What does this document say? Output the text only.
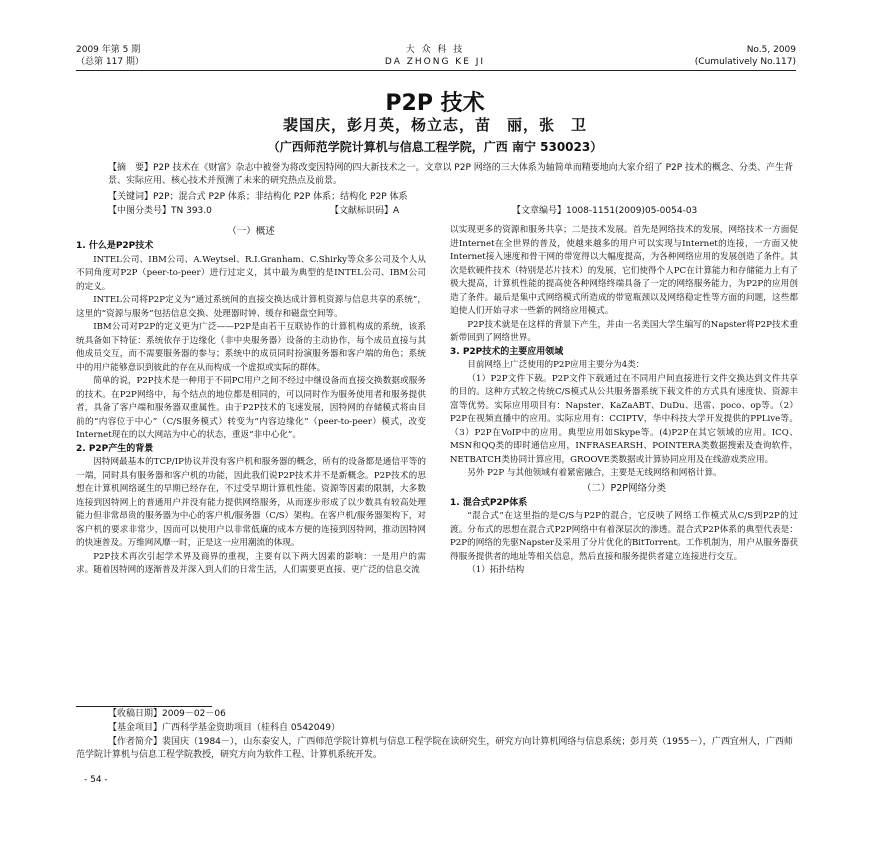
2009 年第 5 期
（总第 117 期）
大 众 科 技
DA ZHONG KE JI
No.5, 2009
(Cumulatively No.117)
P2P 技术
裴国庆，彭月英，杨立志，苗　丽，张　卫
（广西师范学院计算机与信息工程学院，广西 南宁 530023）
【摘　要】P2P 技术在《财富》杂志中被誉为将改变因特网的四大新技术之一。文章以 P2P 网络的三大体系为轴简单而精要地向大家介绍了 P2P 技术的概念、分类、产生背景、实际应用、核心技术并预测了未来的研究热点及前景。
【关键词】P2P；混合式 P2P 体系；非结构化 P2P 体系；结构化 P2P 体系
【中图分类号】TN 393.0	【文献标识码】A	【文章编号】1008-1151(2009)05-0054-03
（一）概述
1. 什么是P2P技术

INTEL公司、IBM公司、A.Weytsel、R.I.Granham、C.Shirky等众多公司及个人从不同角度对P2P（peer-to-peer）进行过定义，其中最为典型的是INTEL公司、IBM公司的定义。

INTEL公司将P2P定义为“通过系统间的直接交换达成计算机资源与信息共享的系统”，这里的“资源与服务”包括信息交换、处理器时钟、缓存和磁盘空间等。

IBM公司对P2P的定义更为广泛——P2P是由若干互联协作的计算机构成的系统，该系统具备如下特征：系统依存于边缘化（非中央服务器）设备的主动协作，每个成员直接与其他成员交互，而不需要服务器的参与；系统中的成员同时扮演服务器和客户端的角色；系统中的用户能够意识到彼此的存在从而构成一个虚拟或实际的群体。

简单的说，P2P技术是一种用于不同PC用户之间不经过中继设备而直接交换数据或服务的技术。在P2P网络中，每个结点的地位都是相同的，可以同时作为服务使用者和服务提供者，具备了客户端和服务器双重属性。由于P2P技术的飞速发展，因特网的存储模式将由目前的“内容位于中心”（C/S服务模式）转变为“内容边缘化”（peer-to-peer）模式，改变Internet现在的以大网站为中心的状态，重返“非中心化”。

2. P2P产生的背景

因特网最基本的TCP/IP协议并没有客户机和服务器的概念，所有的设备都是通信平等的一端，同时具有服务器和客户机的功能，因此我们说P2P技术并不是新概念。P2P技术的思想在计算机网络诞生的早期已经存在，不过受早期计算机性能、资源等因素的限制，大多数连接到因特网上的普通用户并没有能力提供网络服务，从而逐步形成了以少数具有较高处理能力但非常昂贵的服务器为中心的客户机/服务器（C/S）架构。在客户机/服务器架构下，对客户机的要求非常少，因而可以使用户以非常低廉的成本方便的连接到因特网，推动因特网的快速普及。万维网风靡一时，正是这一应用潮流的体现。

P2P技术再次引起学术界及商界的重视，主要有以下两大因素的影响：一是用户的需求。随着因特网的逐渐普及并深入到人们的日常生活，人们需要更直接、更广泛的信息交流

以实现更多的资源和服务共享；二是技术发展。首先是网络技术的发展，网络技术一方面促进Internet在全世界的普及，使越来越多的用户可以实现与Internet的连接，一方面又使Internet接入速度和骨干网的带宽得以大幅度提高，为各种网络应用的发展创造了条件。其次是软硬件技术（特别是芯片技术）的发展，它们使得个人PC在计算能力和存储能力上有了极大提高，计算机性能的提高使各种网络终端具备了一定的网络服务能力，为P2P的应用创造了条件。最后是集中式网络模式所造成的带宽瓶颈以及网络稳定性等方面的问题，这些都迫使人们开始寻求一些新的网络应用模式。

P2P技术就是在这样的背景下产生，并由一名美国大学生编写的Napster将P2P技术重新带回到了网络世界。

3. P2P技术的主要应用领域

目前网络上广泛使用的P2P应用主要分为4类：

（1）P2P文件下载。P2P文件下载通过在不同用户间直接进行文件交换达到文件共享的目的。这种方式较之传统C/S模式从公共服务器系统下载文件的方式具有速度快、资源丰富等优势。实际应用项目有：Napster、KaZaABT、DuDu、迅雷、poco、op等。（2）P2P在视频直播中的应用。实际应用有：CCIPTV，华中科技大学开发提供的PPLive等。（3）P2P在VoIP中的应用。典型应用如Skype等。(4)P2P在其它领域的应用。ICQ、MSN和QQ类的即时通信应用，INFRASEARSH、POINTERA类数据搜索及查询软件，NETBATCH类协同计算应用，GROOVE类数据或计算协同应用及在线游戏类应用。

另外 P2P 与其他领域有着紧密融合，主要是无线网络和网格计算。

（二）P2P网络分类
1. 混合式P2P体系

“混合式”在这里指的是C/S与P2P的混合，它反映了网络工作模式从C/S到P2P的过渡。分布式的思想在混合式P2P网络中有着深层次的渗透。混合式P2P体系的典型代表是：P2P的网络的先驱Napster及采用了分片优化的BitTorrent。工作机制为，用户从服务器获得服务提供者的地址等相关信息，然后直接和服务提供者建立连接进行交互。

（1）拓扑结构

【收稿日期】2009－02－06
【基金项目】广西科学基金资助项目（桂科自 0542049）
【作者简介】裴国庆（1984－），山东泰安人，广西师范学院计算机与信息工程学院在读研究生，研究方向计算机网络与信息系统；彭月英（1955－），广西宜州人，广西师范学院计算机与信息工程学院教授，研究方向为软件工程、计算机系统开发。
- 54 -
